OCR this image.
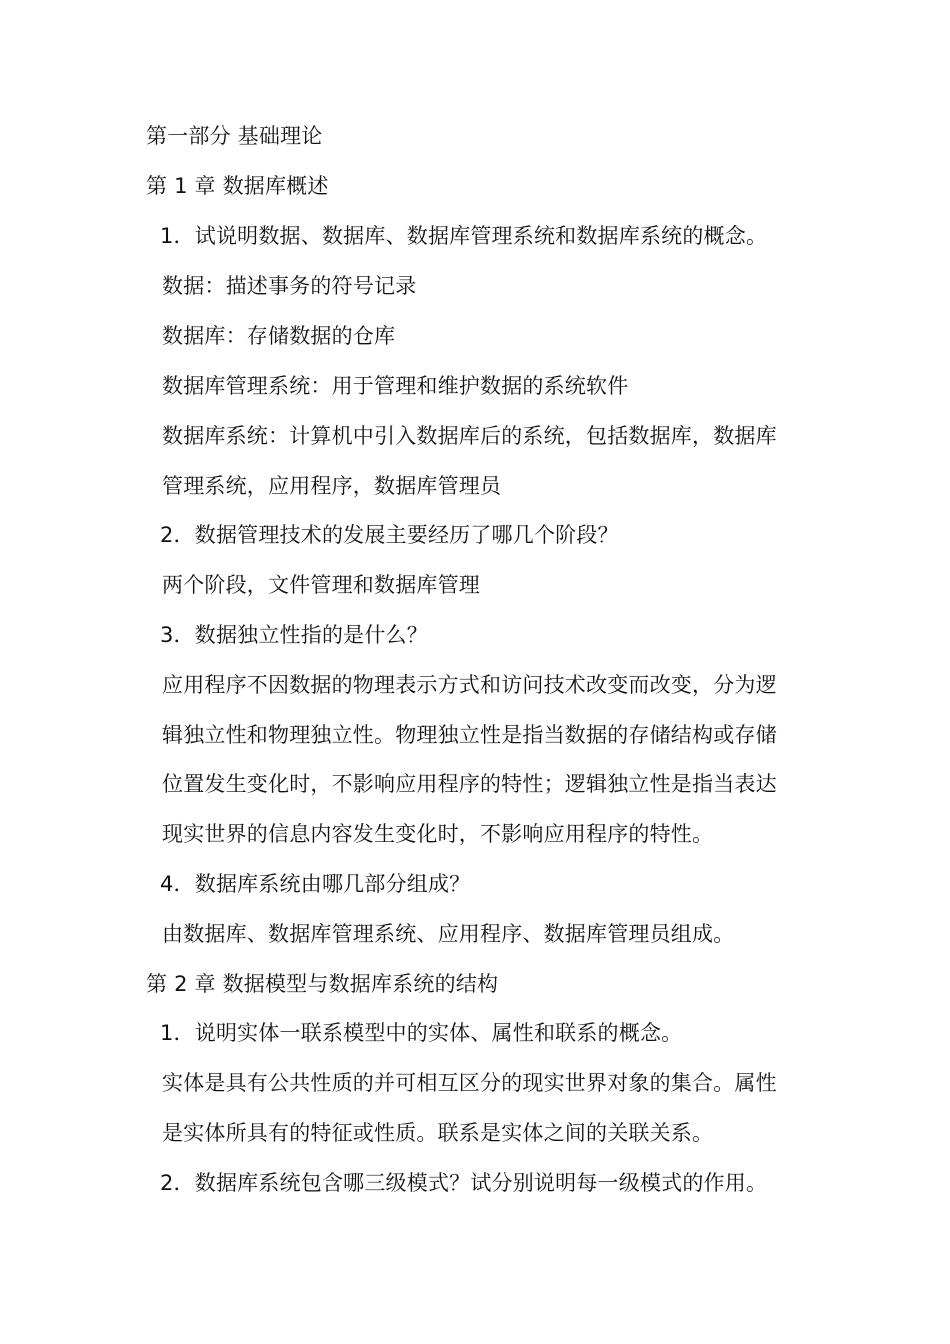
第一部分 基础理论
第 1 章 数据库概述
1．试说明数据、数据库、数据库管理系统和数据库系统的概念。
数据：描述事务的符号记录
数据库：存储数据的仓库
数据库管理系统：用于管理和维护数据的系统软件
数据库系统：计算机中引入数据库后的系统，包括数据库，数据库
管理系统，应用程序，数据库管理员
2．数据管理技术的发展主要经历了哪几个阶段？
两个阶段，文件管理和数据库管理
3．数据独立性指的是什么？
应用程序不因数据的物理表示方式和访问技术改变而改变，分为逻
辑独立性和物理独立性。物理独立性是指当数据的存储结构或存储
位置发生变化时，不影响应用程序的特性；逻辑独立性是指当表达
现实世界的信息内容发生变化时，不影响应用程序的特性。
4．数据库系统由哪几部分组成？
由数据库、数据库管理系统、应用程序、数据库管理员组成。
第 2 章 数据模型与数据库系统的结构
1．说明实体一联系模型中的实体、属性和联系的概念。
实体是具有公共性质的并可相互区分的现实世界对象的集合。属性
是实体所具有的特征或性质。联系是实体之间的关联关系。
2．数据库系统包含哪三级模式？试分别说明每一级模式的作用。
